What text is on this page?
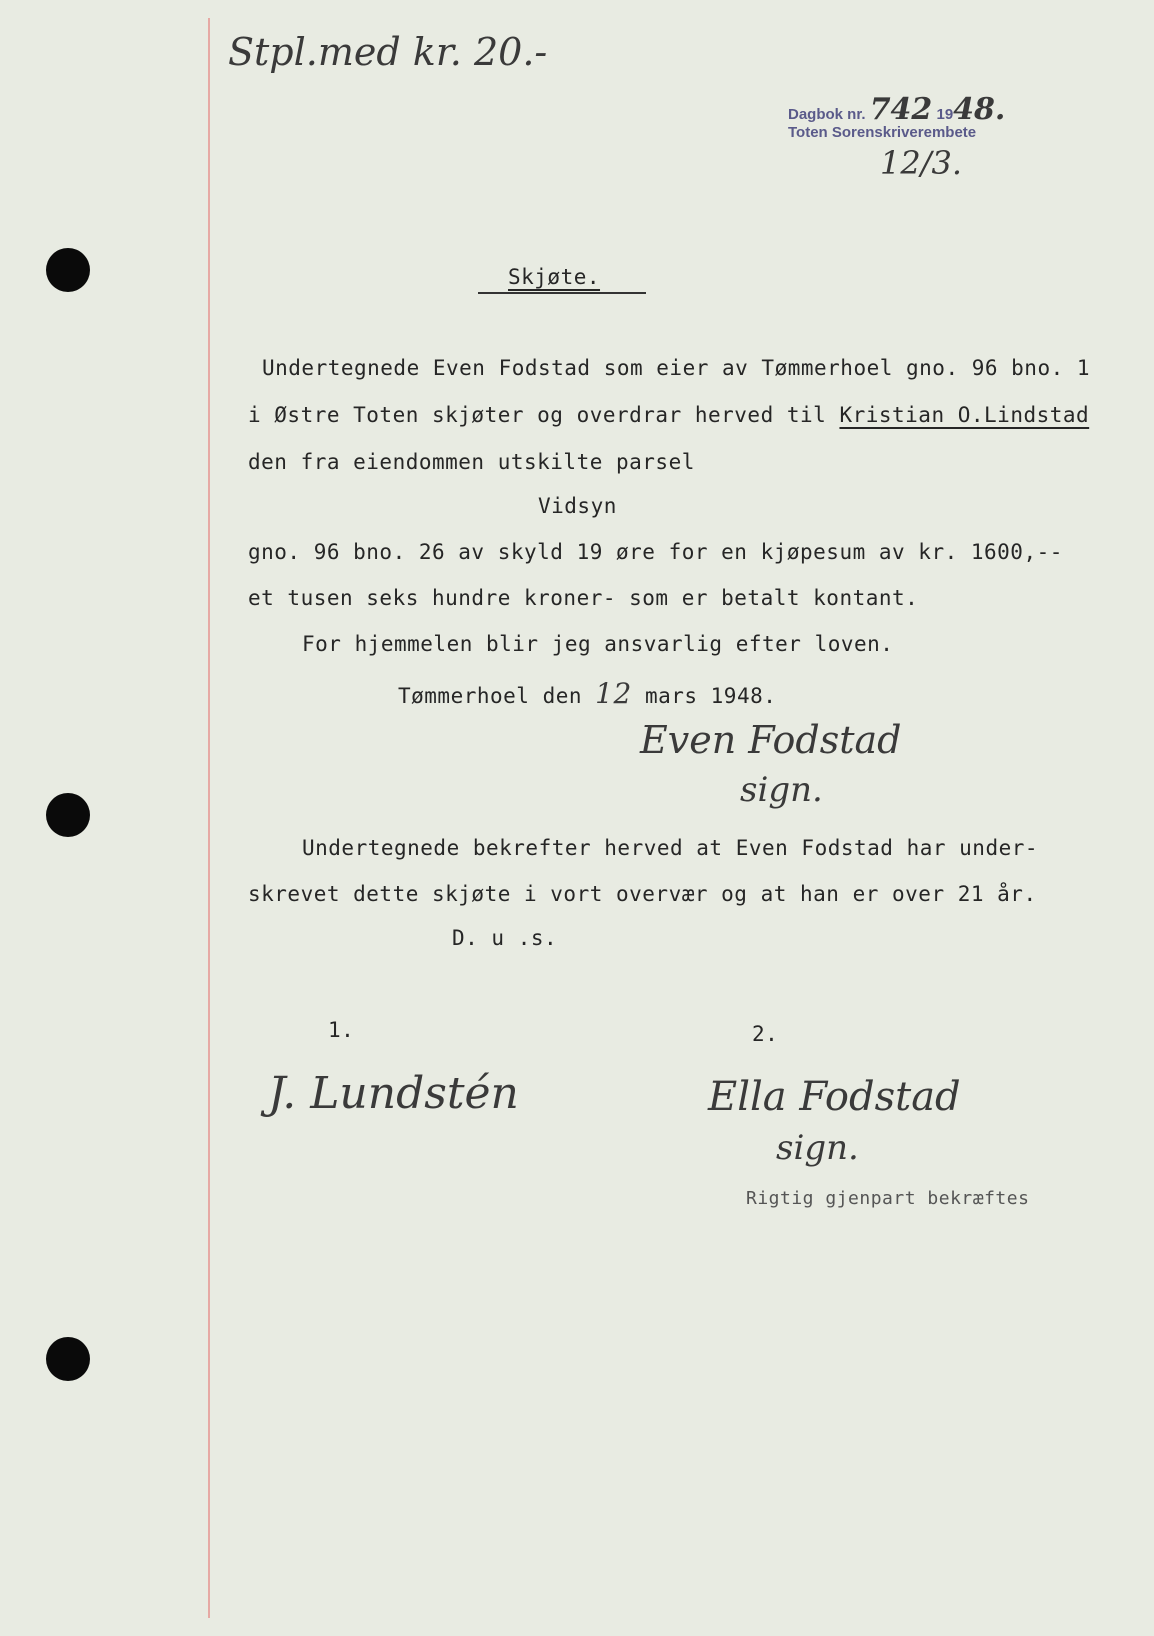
Stpl.med kr. 20.-
Dagbok nr. 742 1948.
Toten Sorenskriverembete
12/3.
Skjøte.
Undertegnede Even Fodstad som eier av Tømmerhoel gno. 96 bno. 1
i Østre Toten skjøter og overdrar herved til Kristian O.Lindstad
den fra eiendommen utskilte parsel
Vidsyn
gno. 96 bno. 26 av skyld 19 øre for en kjøpesum av kr. 1600,--
et tusen seks hundre kroner- som er betalt kontant.
For hjemmelen blir jeg ansvarlig efter loven.
Tømmerhoel den 12 mars 1948.
Even Fodstad
sign.
Undertegnede bekrefter herved at Even Fodstad har under-
skrevet dette skjøte i vort overvær og at han er over 21 år.
D. u .s.
1.
J. Lundstén
2.
Ella Fodstad
sign.
Rigtig gjenpart bekræftes
